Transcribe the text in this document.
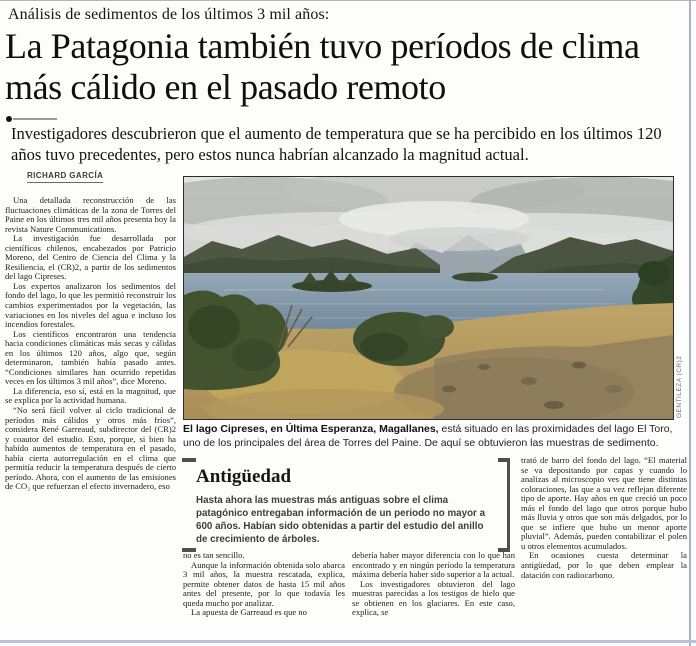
Análisis de sedimentos de los últimos 3 mil años:
La Patagonia también tuvo períodos de clima más cálido en el pasado remoto

Investigadores descubrieron que el aumento de temperatura que se ha percibido en los últimos 120 años tuvo precedentes, pero estos nunca habrían alcanzado la magnitud actual.

RICHARD GARCÍA

Una detallada reconstrucción de las fluctuaciones climáticas de la zona de Torres del Paine en los últimos tres mil años presenta hoy la revista Nature Communications.

La investigación fue desarrollada por científicos chilenos, encabezados por Patricio Moreno, del Centro de Ciencia del Clima y la Resiliencia, el (CR)2, a partir de los sedimentos del lago Cipreses.

Los expertos analizaron los sedimentos del fondo del lago, lo que les permitió reconstruir los cambios experimentados por la vegetación, las variaciones en los niveles del agua e incluso los incendios forestales.

Los científicos encontraron una tendencia hacia condiciones climáticas más secas y cálidas en los últimos 120 años, algo que, según determinaron, también había pasado antes. “Condiciones similares han ocurrido repetidas veces en los últimos 3 mil años”, dice Moreno.

La diferencia, eso sí, está en la magnitud, que se explica por la actividad humana.

“No será fácil volver al ciclo tradicional de períodos más cálidos y otros más fríos”, considera René Garreaud, subdirector del (CR)2 y coautor del estudio. Esto, porque, si bien ha habido aumentos de temperatura en el pasado, había cierta autorregulación en el clima que permitía reducir la temperatura después de cierto período. Ahora, con el aumento de las emisiones de CO₂ que refuerzan el efecto invernadero, eso

GENTILEZA (CR)2

El lago Cipreses, en Última Esperanza, Magallanes, está situado en las proximidades del lago El Toro, uno de los principales del área de Torres del Paine. De aquí se obtuvieron las muestras de sedimento.

Antigüedad

Hasta ahora las muestras más antiguas sobre el clima patagónico entregaban información de un periodo no mayor a 600 años. Habían sido obtenidas a partir del estudio del anillo de crecimiento de árboles.

no es tan sencillo.

Aunque la información obtenida solo abarca 3 mil años, la muestra rescatada, explica, permite obtener datos de hasta 15 mil años antes del presente, por lo que todavía les queda mucho por analizar.

La apuesta de Garreaud es que no

debería haber mayor diferencia con lo que han encontrado y en ningún período la temperatura máxima debería haber sido superior a la actual.

Los investigadores obtuvieron del lago muestras parecidas a los testigos de hielo que se obtienen en los glaciares. En este caso, explica, se

trató de barro del fondo del lago. “El material se va depositando por capas y cuando lo analizas al microscopio ves que tiene distintas coloraciones, las que a su vez reflejan diferente tipo de aporte. Hay años en que creció un poco más el fondo del lago que otros porque hubo más lluvia y otros que son más delgados, por lo que se infiere que hubo un menor aporte pluvial”. Además, pueden contabilizar el polen u otros elementos acumulados.

En ocasiones cuesta determinar la antigüedad, por lo que deben emplear la datación con radiocarbono.
